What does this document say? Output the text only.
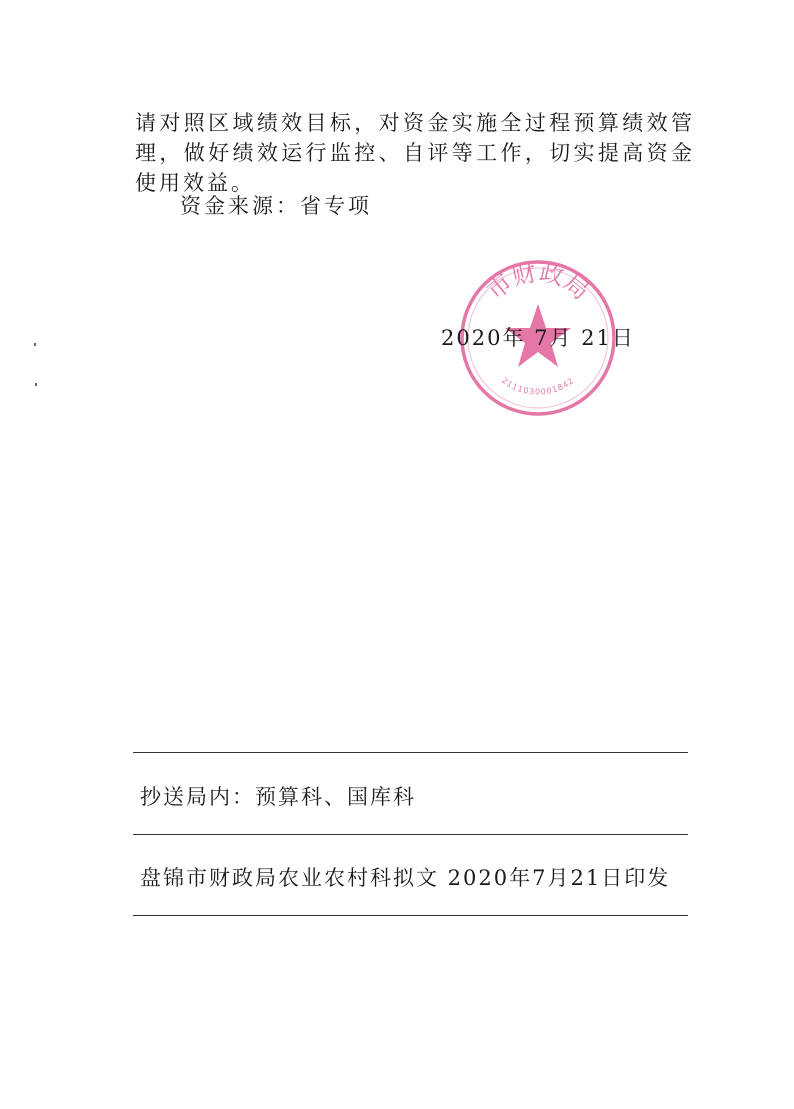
请对照区域绩效目标，对资金实施全过程预算绩效管理，做好绩效运行监控、自评等工作，切实提高资金使用效益。

资金来源：省专项

市财政局
2111030001842

2020年 7月 21日

抄送局内：预算科、国库科

盘锦市财政局农业农村科拟文 2020年7月21日印发
